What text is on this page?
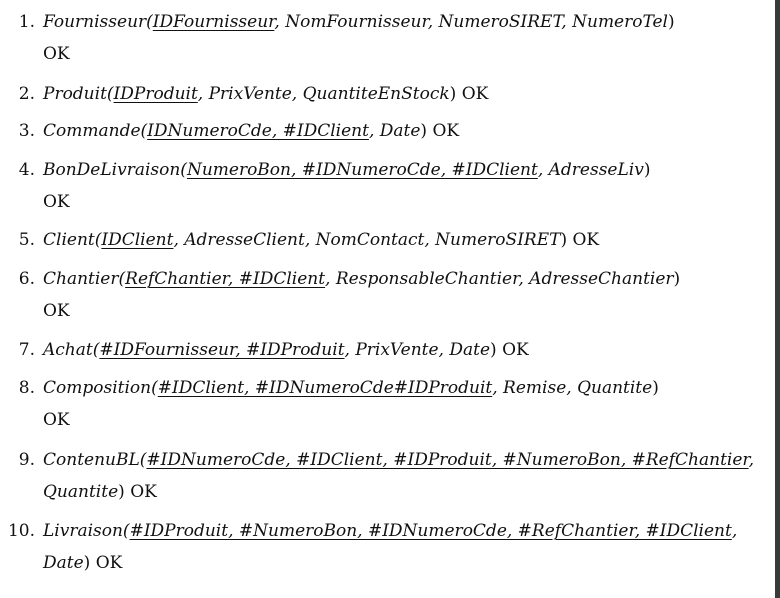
1. Fournisseur(IDFournisseur, NomFournisseur, NumeroSIRET, NumeroTel)
OK
2. Produit(IDProduit, PrixVente, QuantiteEnStock) OK
3. Commande(IDNumeroCde, #IDClient, Date) OK
4. BonDeLivraison(NumeroBon, #IDNumeroCde, #IDClient, AdresseLiv)
OK
5. Client(IDClient, AdresseClient, NomContact, NumeroSIRET) OK
6. Chantier(RefChantier, #IDClient, ResponsableChantier, AdresseChantier)
OK
7. Achat(#IDFournisseur, #IDProduit, PrixVente, Date) OK
8. Composition(#IDClient, #IDNumeroCde#IDProduit, Remise, Quantite)
OK
9. ContenuBL(#IDNumeroCde, #IDClient, #IDProduit, #NumeroBon, #RefChantier,
Quantite) OK
10. Livraison(#IDProduit, #NumeroBon, #IDNumeroCde, #RefChantier, #IDClient,
Date) OK
